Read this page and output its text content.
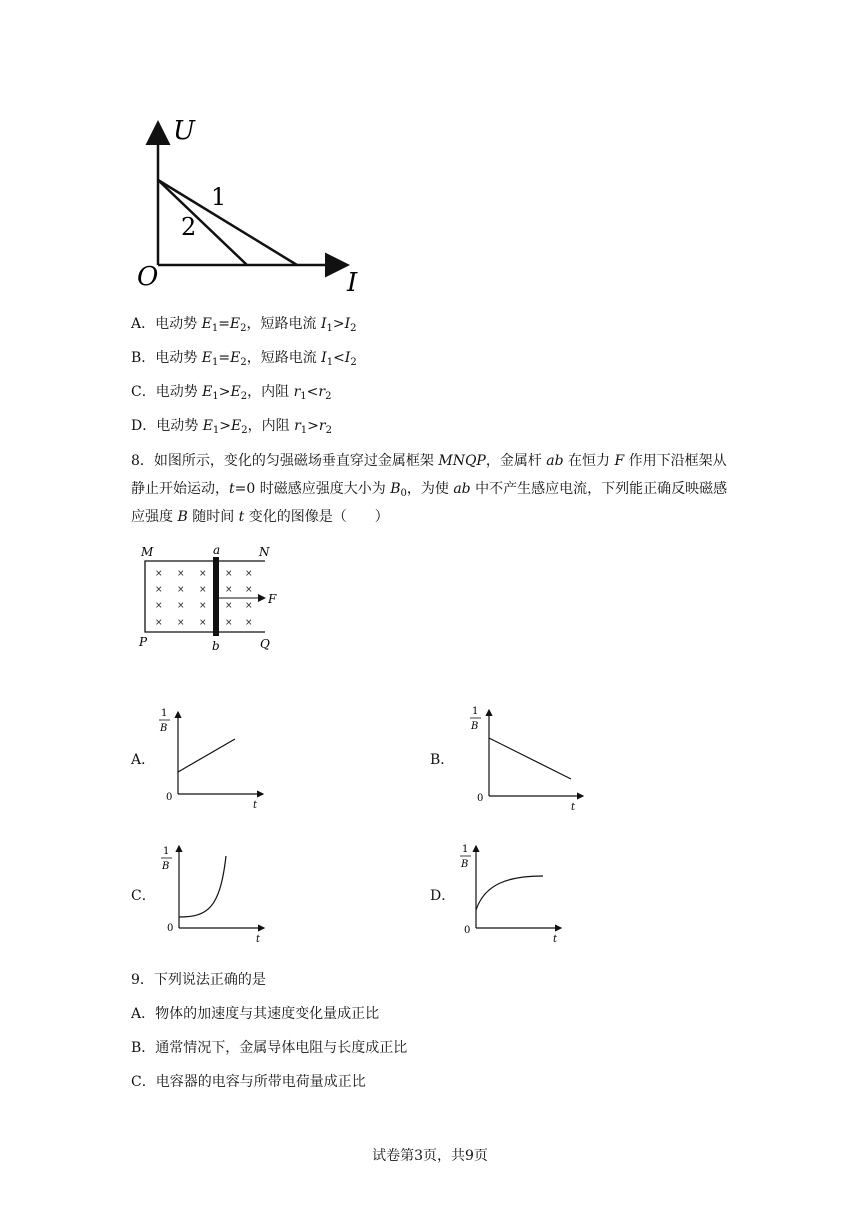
U
I
O
1
2
A．电动势 $E_1=E_2$，短路电流 $I_1>I_2$
B．电动势 $E_1=E_2$，短路电流 $I_1<I_2$
C．电动势 $E_1>E_2$，内阻 $r_1<r_2$
D．电动势 $E_1>E_2$，内阻 $r_1>r_2$
8．如图所示，变化的匀强磁场垂直穿过金属框架 MNQP，金属杆 ab 在恒力 F 作用下沿框架从静止开始运动，t=0 时磁感应强度大小为 $B_0$，为使 ab 中不产生感应电流，下列能正确反映磁感应强度 B 随时间 t 变化的图像是（　　）
× × × × ×
× × × × ×
× × × × ×
× × × × ×
M	a	N
F
P	b	Q
A．	B．
C．	D．
1
B
0
t
1
B
0
t
1
B
0
t
1
B
0
t
9．下列说法正确的是
A．物体的加速度与其速度变化量成正比
B．通常情况下，金属导体电阻与长度成正比
C．电容器的电容与所带电荷量成正比
试卷第3页，共9页
